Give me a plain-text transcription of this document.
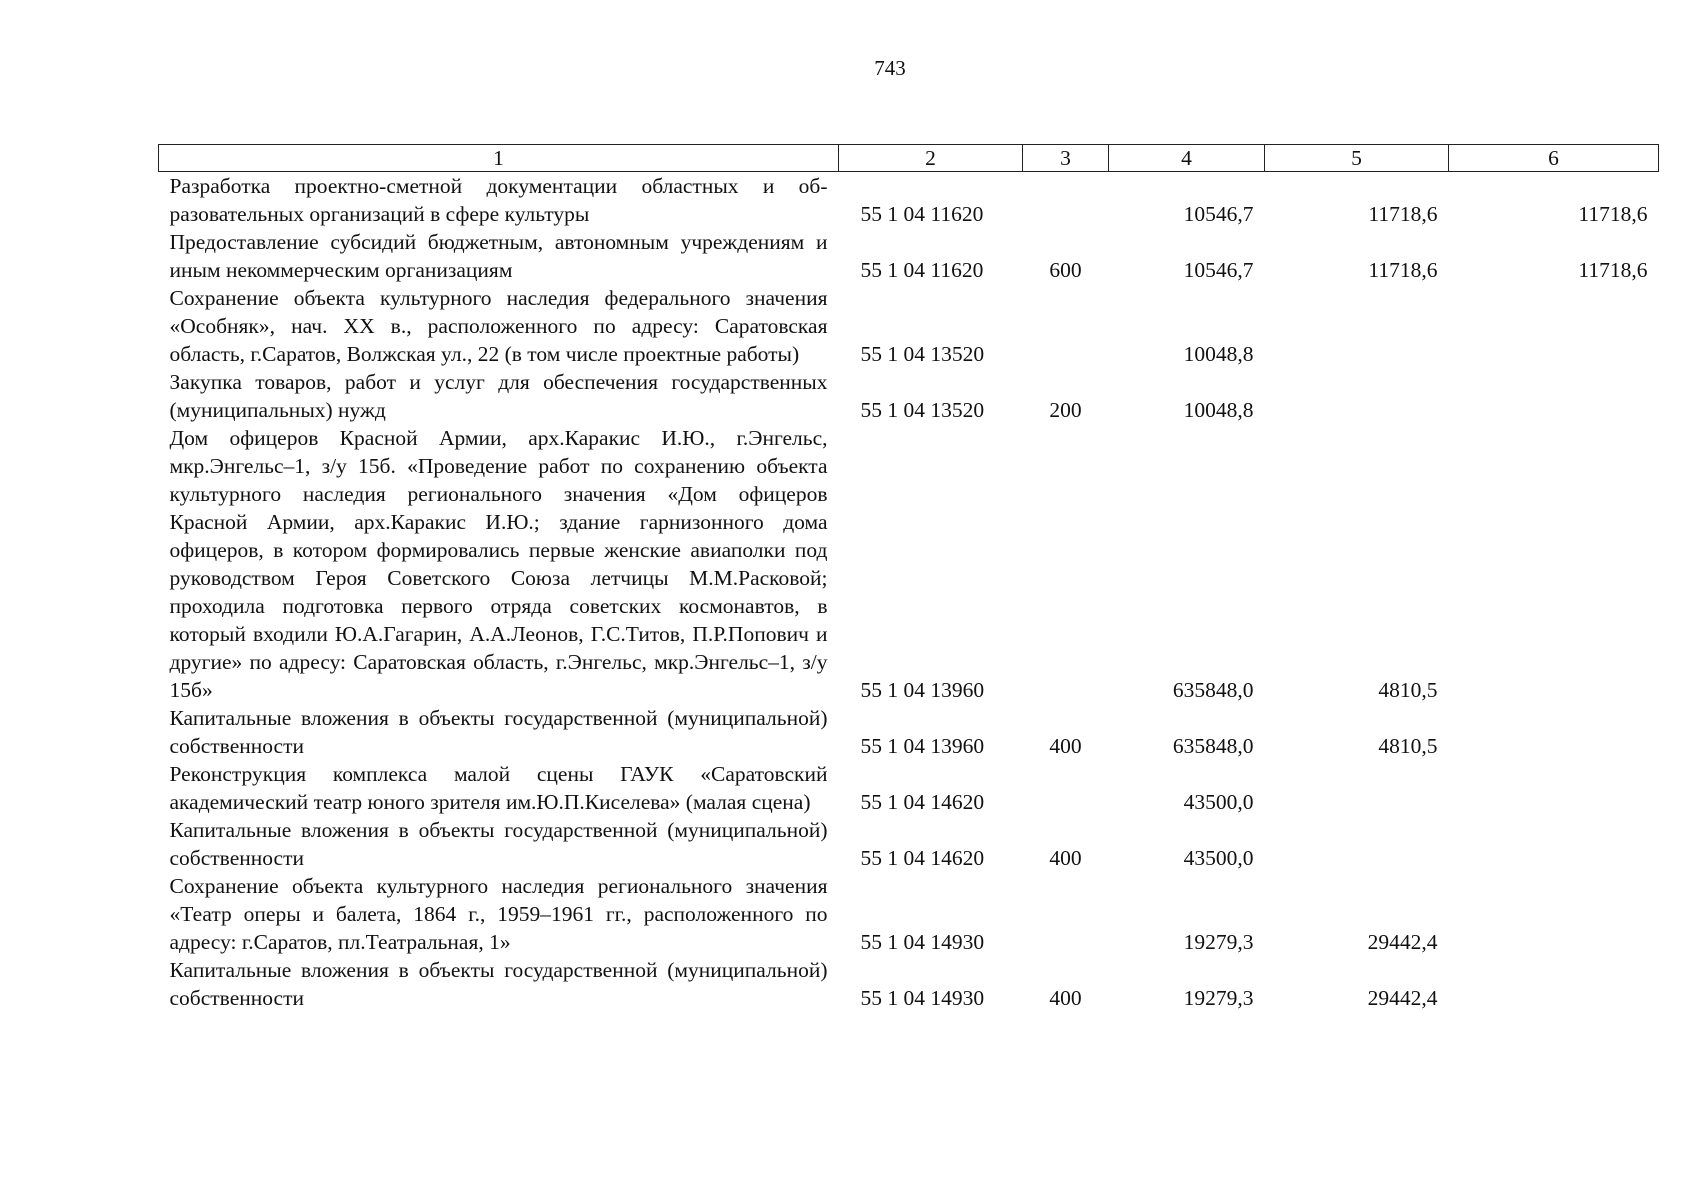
743
1	2	3	4	5	6
Разработка проектно-сметной документации областных и образовательных организаций в сфере культуры	55 1 04 11620		10546,7	11718,6	11718,6
Предоставление субсидий бюджетным, автономным учреждениям и иным некоммерческим организациям	55 1 04 11620	600	10546,7	11718,6	11718,6
Сохранение объекта культурного наследия федерального значения «Особняк», нач. XX в., расположенного по адресу: Саратовская область, г.Саратов, Волжская ул., 22 (в том числе проектные работы)	55 1 04 13520		10048,8		
Закупка товаров, работ и услуг для обеспечения государственных (муниципальных) нужд	55 1 04 13520	200	10048,8		
Дом офицеров Красной Армии, арх.Каракис И.Ю., г.Энгельс, мкр.Энгельс–1, з/у 15б. «Проведение работ по сохранению объекта культурного наследия регионального значения «Дом офицеров Красной Армии, арх.Каракис И.Ю.; здание гарнизонного дома офицеров, в котором формировались первые женские авиаполки под руководством Героя Советского Союза летчицы М.М.Расковой; проходила подготовка первого отряда советских космонавтов, в который входили Ю.А.Гагарин, А.А.Леонов, Г.С.Титов, П.Р.Попович и другие» по адресу: Саратовская область, г.Энгельс, мкр.Энгельс–1, з/у 15б»	55 1 04 13960		635848,0	4810,5	
Капитальные вложения в объекты государственной (муниципальной) собственности	55 1 04 13960	400	635848,0	4810,5	
Реконструкция комплекса малой сцены ГАУК «Саратовский академический театр юного зрителя им.Ю.П.Киселева» (малая сцена)	55 1 04 14620		43500,0		
Капитальные вложения в объекты государственной (муниципальной) собственности	55 1 04 14620	400	43500,0		
Сохранение объекта культурного наследия регионального значения «Театр оперы и балета, 1864 г., 1959–1961 гг., расположенного по адресу: г.Саратов, пл.Театральная, 1»	55 1 04 14930		19279,3	29442,4	
Капитальные вложения в объекты государственной (муниципальной) собственности	55 1 04 14930	400	19279,3	29442,4	
